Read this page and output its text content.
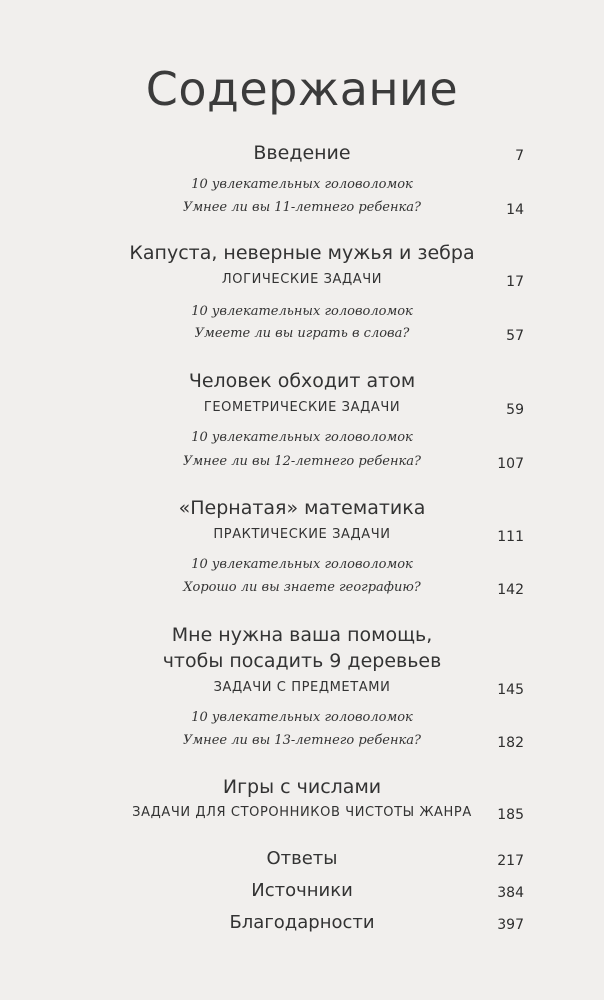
Содержание
Введение	7
10 увлекательных головоломок
Умнее ли вы 11-летнего ребенка?	14
Капуста, неверные мужья и зебра
ЛОГИЧЕСКИЕ ЗАДАЧИ	17
10 увлекательных головоломок
Умеете ли вы играть в слова?	57
Человек обходит атом
ГЕОМЕТРИЧЕСКИЕ ЗАДАЧИ	59
10 увлекательных головоломок
Умнее ли вы 12-летнего ребенка?	107
«Пернатая» математика
ПРАКТИЧЕСКИЕ ЗАДАЧИ	111
10 увлекательных головоломок
Хорошо ли вы знаете географию?	142
Мне нужна ваша помощь,
чтобы посадить 9 деревьев
ЗАДАЧИ С ПРЕДМЕТАМИ	145
10 увлекательных головоломок
Умнее ли вы 13-летнего ребенка?	182
Игры с числами
ЗАДАЧИ ДЛЯ СТОРОННИКОВ ЧИСТОТЫ ЖАНРА	185
Ответы	217
Источники	384
Благодарности	397
